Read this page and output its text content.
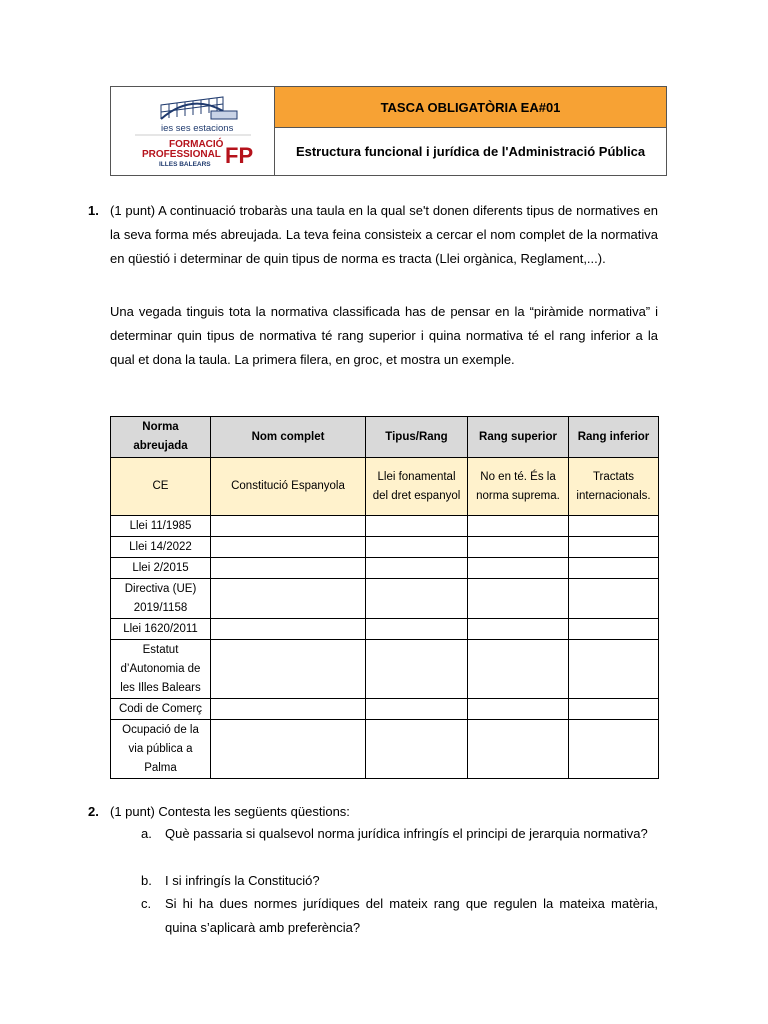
ies ses estacions
FORMACIÓ
PROFESSIONAL
ILLES BALEARS FP
TASCA OBLIGATÒRIA EA#01
Estructura funcional i jurídica de l'Administració Pública
1. (1 punt) A continuació trobaràs una taula en la qual se't donen diferents tipus de normatives en la seva forma més abreujada. La teva feina consisteix a cercar el nom complet de la normativa en qüestió i determinar de quin tipus de norma es tracta (Llei orgànica, Reglament,...).
Una vegada tinguis tota la normativa classificada has de pensar en la “piràmide normativa” i determinar quin tipus de normativa té rang superior i quina normativa té el rang inferior a la qual et dona la taula. La primera filera, en groc, et mostra un exemple.
Norma abreujada	Nom complet	Tipus/Rang	Rang superior	Rang inferior
CE	Constitució Espanyola	Llei fonamental del dret espanyol	No en té. És la norma suprema.	Tractats internacionals.
Llei 11/1985				
Llei 14/2022				
Llei 2/2015				
Directiva (UE) 2019/1158				
Llei 1620/2011				
Estatut d’Autonomia de les Illes Balears				
Codi de Comerç				
Ocupació de la via pública a Palma				
2. (1 punt) Contesta les següents qüestions:
a. Què passaria si qualsevol norma jurídica infringís el principi de jerarquia normativa?
b. I si infringís la Constitució?
c. Si hi ha dues normes jurídiques del mateix rang que regulen la mateixa matèria, quina s’aplicarà amb preferència?
